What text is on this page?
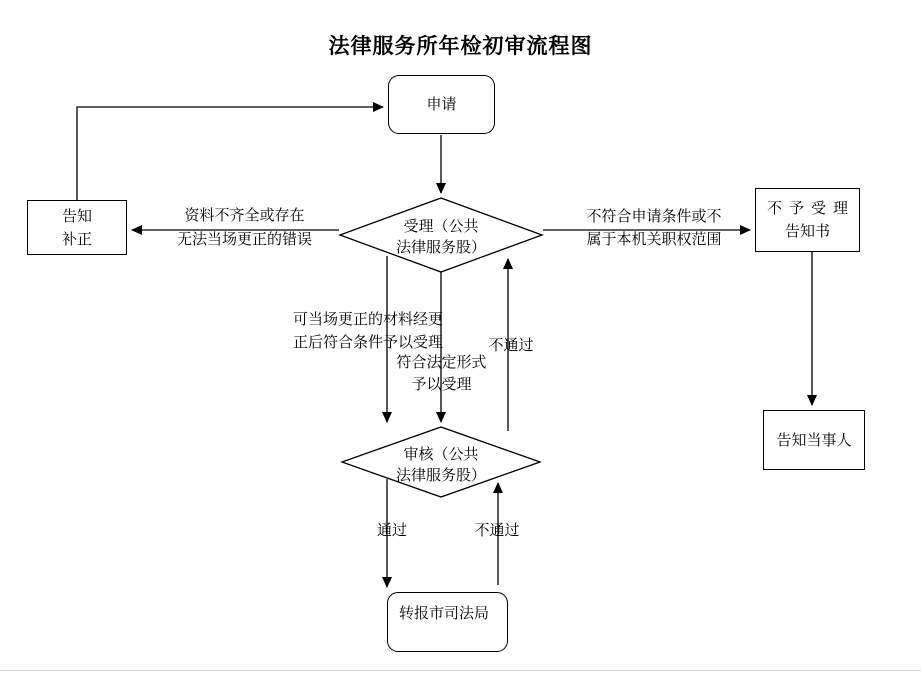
法律服务所年检初审流程图
申请
告知
补正
不予受理
告知书
告知当事人
转报市司法局
受理（公共
法律服务股）
审核（公共
法律服务股）
资料不齐全或存在
无法当场更正的错误
不符合申请条件或不
属于本机关职权范围
可当场更正的材料经更
正后符合条件予以受理
符合法定形式
予以受理
不通过
通过	不通过
